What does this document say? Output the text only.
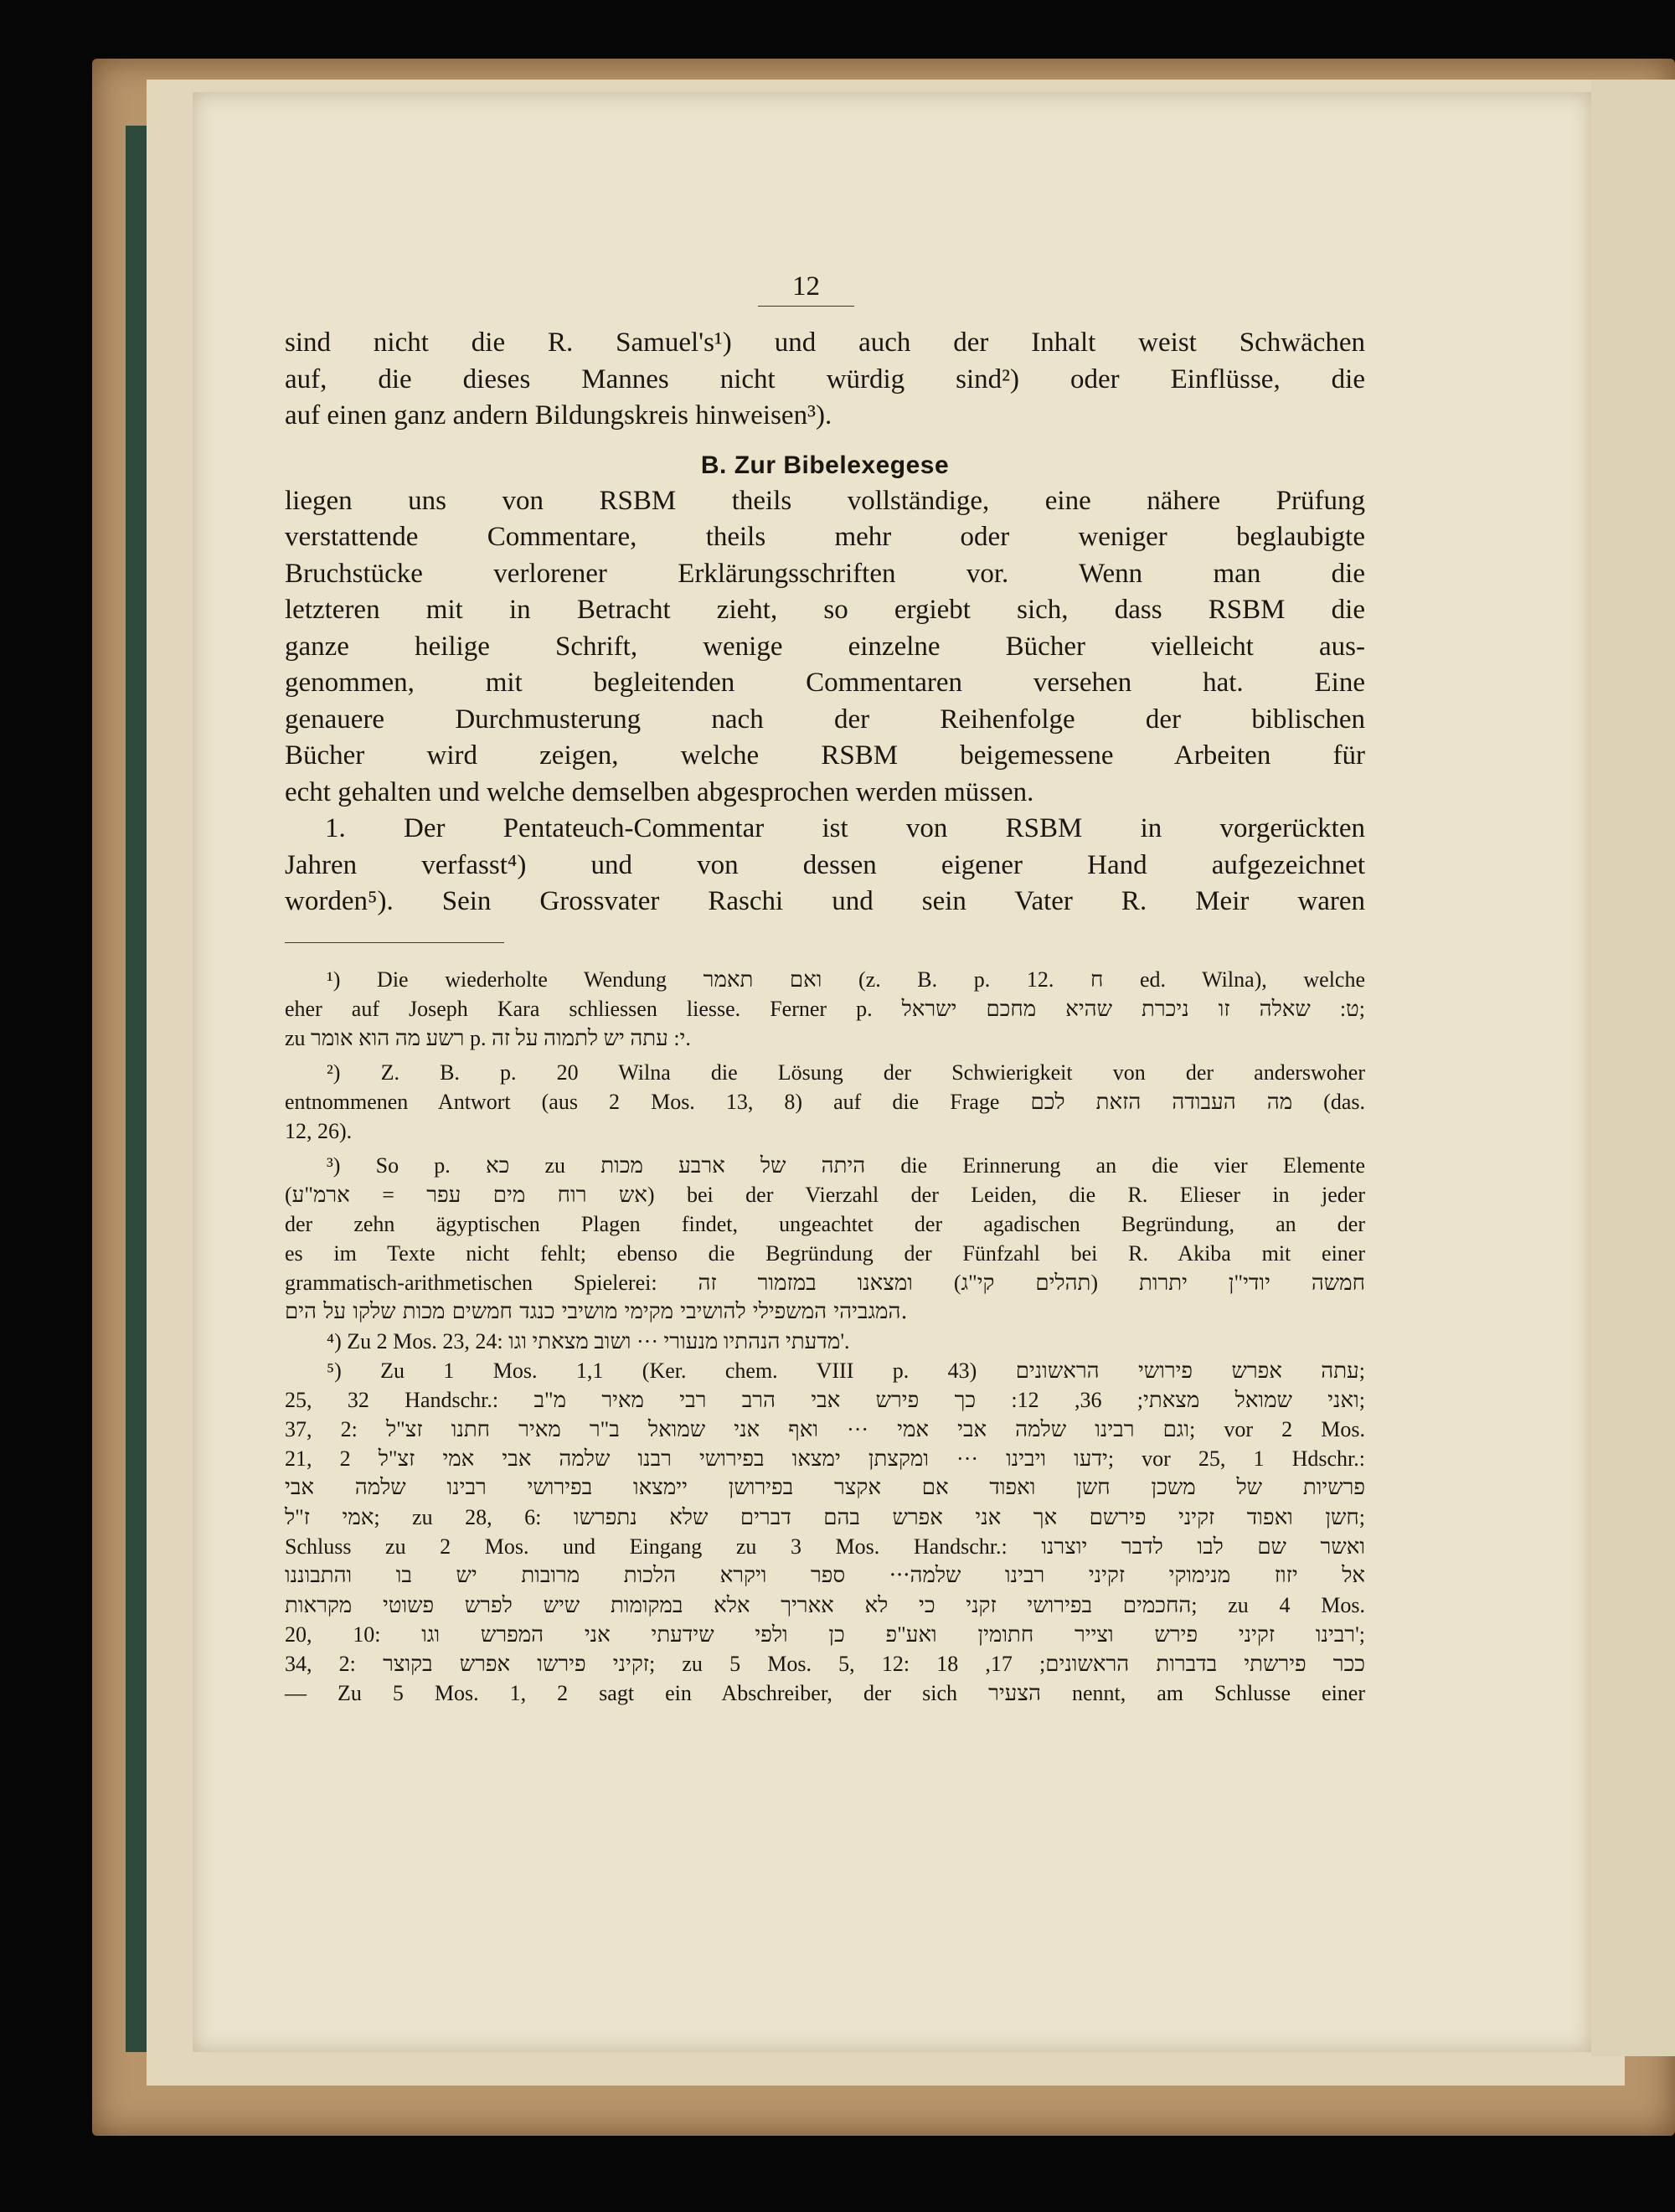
12
sind nicht die R. Samuel's¹) und auch der Inhalt weist Schwächen
auf, die dieses Mannes nicht würdig sind²) oder Einflüsse, die
auf einen ganz andern Bildungskreis hinweisen³).
B. Zur Bibelexegese
liegen uns von RSBM theils vollständige, eine nähere Prüfung
verstattende Commentare, theils mehr oder weniger beglaubigte
Bruchstücke verlorener Erklärungsschriften vor. Wenn man die
letzteren mit in Betracht zieht, so ergiebt sich, dass RSBM die
ganze heilige Schrift, wenige einzelne Bücher vielleicht aus-
genommen, mit begleitenden Commentaren versehen hat. Eine
genauere Durchmusterung nach der Reihenfolge der biblischen
Bücher wird zeigen, welche RSBM beigemessene Arbeiten für
echt gehalten und welche demselben abgesprochen werden müssen.
1. Der Pentateuch-Commentar ist von RSBM in vorgerückten
Jahren verfasst⁴) und von dessen eigener Hand aufgezeichnet
worden⁵). Sein Grossvater Raschi und sein Vater R. Meir waren
¹) Die wiederholte Wendung ואם תאמר (z. B. p. 12. ח ed. Wilna), welche
eher auf Joseph Kara schliessen liesse. Ferner p. ט: שאלה זו ניכרת שהיא מחכם ישראל;
zu רשע מה הוא אומר p. י: עתה יש לתמוה על זה.
²) Z. B. p. 20 Wilna die Lösung der Schwierigkeit von der anderswoher
entnommenen Antwort (aus 2 Mos. 13, 8) auf die Frage מה העבודה הזאת לכם (das.
12, 26).
³) So p. כא zu היתה של ארבע מכות die Erinnerung an die vier Elemente
(אש רוח מים עפר = ארמ"ע) bei der Vierzahl der Leiden, die R. Elieser in jeder
der zehn ägyptischen Plagen findet, ungeachtet der agadischen Begründung, an der
es im Texte nicht fehlt; ebenso die Begründung der Fünfzahl bei R. Akiba mit einer
grammatisch-arithmetischen Spielerei: חמשה יודי"ן יתרות (תהלים קי"ג) ומצאנו במזמור זה
המגביהי המשפילי להושיבי מקימי מושיבי כנגד חמשים מכות שלקו על הים.
⁴) Zu 2 Mos. 23, 24: מדעתי הנהתיו מנעורי ··· ושוב מצאתי וגו'.
⁵) Zu 1 Mos. 1,1 (Ker. chem. VIII p. 43) עתה אפרש פירושי הראשונים;
25, 32 Handschr.: ואני שמואל מצאתי; 36, 12: כך פירש אבי הרב רבי מאיר מ"ב;
37, 2: וגם רבינו שלמה אבי אמי ··· ואף אני שמואל ב"ר מאיר חתנו זצ"ל; vor 2 Mos.
21, 2 ידעו ויבינו ··· ומקצתן ימצאו בפירושי רבנו שלמה אבי אמי זצ"ל; vor 25, 1 Hdschr.:
פרשיות של משכן חשן ואפוד אם אקצר בפירושן יימצאו בפירושי רבינו שלמה אבי
אמי ז"ל; zu 28, 6: חשן ואפוד זקיני פירשם אך אני אפרש בהם דברים שלא נתפרשו;
Schluss zu 2 Mos. und Eingang zu 3 Mos. Handschr.: ואשר שם לבו לדבר יוצרנו
אל יזוז מנימוקי זקיני רבינו שלמה··· ספר ויקרא הלכות מרובות יש בו והתבוננו
החכמים בפירושי זקני כי לא אאריך אלא במקומות שיש לפרש פשוטי מקראות; zu 4 Mos.
20, 10: רבינו זקיני פירש וצייר חתומין ואע"פ כן ולפי שידעתי אני המפרש וגו';
34, 2: זקיני פירשו אפרש בקוצר; zu 5 Mos. 5, 12: ככר פירשתי בדברות הראשונים; 17, 18
— Zu 5 Mos. 1, 2 sagt ein Abschreiber, der sich הצעיר nennt, am Schlusse einer
